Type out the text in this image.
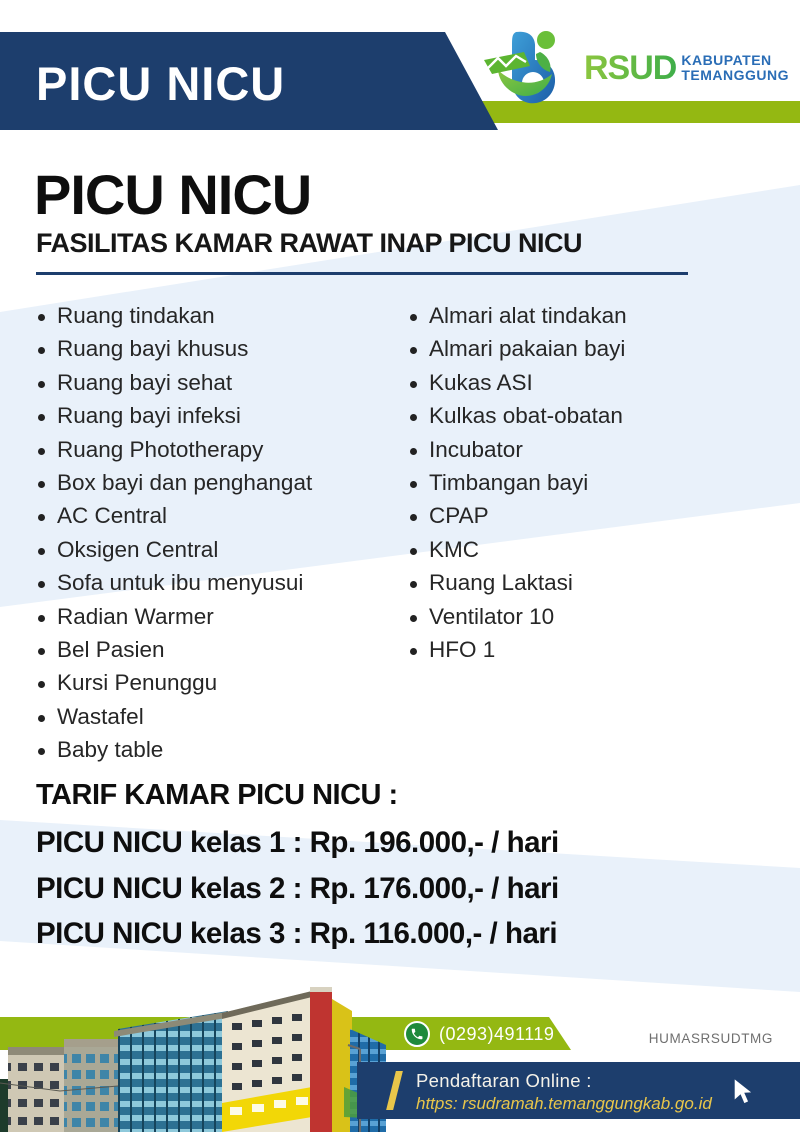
PICU NICU	RSUD KABUPATEN
TEMANGGUNG
PICU NICU
FASILITAS KAMAR RAWAT INAP PICU NICU
Ruang tindakan
Ruang bayi khusus
Ruang bayi sehat
Ruang bayi infeksi
Ruang Phototherapy
Box bayi dan penghangat
AC Central
Oksigen Central
Sofa untuk ibu menyusui
Radian Warmer
Bel Pasien
Kursi Penunggu
Wastafel
Baby table
Almari alat tindakan
Almari pakaian bayi
Kukas ASI
Kulkas obat-obatan
Incubator
Timbangan bayi
CPAP
KMC
Ruang Laktasi
Ventilator 10
HFO 1
TARIF KAMAR PICU NICU :
PICU NICU kelas 1 : Rp. 196.000,- / hari
PICU NICU kelas 2 : Rp. 176.000,- / hari
PICU NICU kelas 3 : Rp. 116.000,- / hari
(0293)491119	HUMASRSUDTMG
Pendaftaran Online :
https: rsudramah.temanggungkab.go.id
